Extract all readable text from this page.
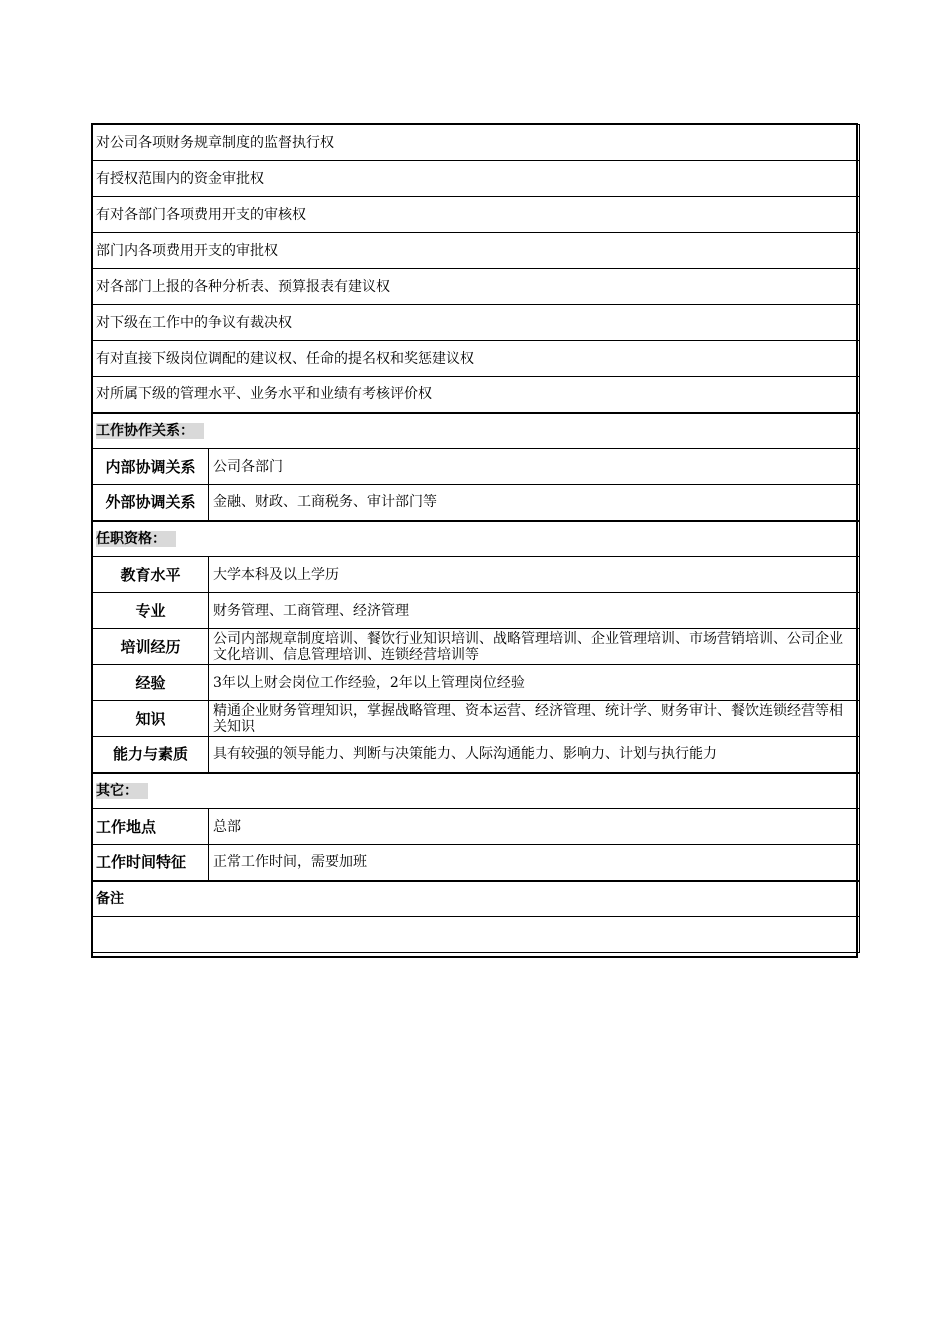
对公司各项财务规章制度的监督执行权	
有授权范围内的资金审批权	
有对各部门各项费用开支的审核权	
部门内各项费用开支的审批权	
对各部门上报的各种分析表、预算报表有建议权	
对下级在工作中的争议有裁决权	
有对直接下级岗位调配的建议权、任命的提名权和奖惩建议权	
对所属下级的管理水平、业务水平和业绩有考核评价权	
工作协作关系：	
内部协调关系	公司各部门
外部协调关系	金融、财政、工商税务、审计部门等
任职资格：	
教育水平	大学本科及以上学历
专业	财务管理、工商管理、经济管理
培训经历	公司内部规章制度培训、餐饮行业知识培训、战略管理培训、企业管理培训、市场营销培训、公司企业文化培训、信息管理培训、连锁经营培训等
经验	3年以上财会岗位工作经验，2年以上管理岗位经验
知识	精通企业财务管理知识，掌握战略管理、资本运营、经济管理、统计学、财务审计、餐饮连锁经营等相关知识
能力与素质	具有较强的领导能力、判断与决策能力、人际沟通能力、影响力、计划与执行能力
其它：	
工作地点	总部
工作时间特征	正常工作时间，需要加班
备注	
